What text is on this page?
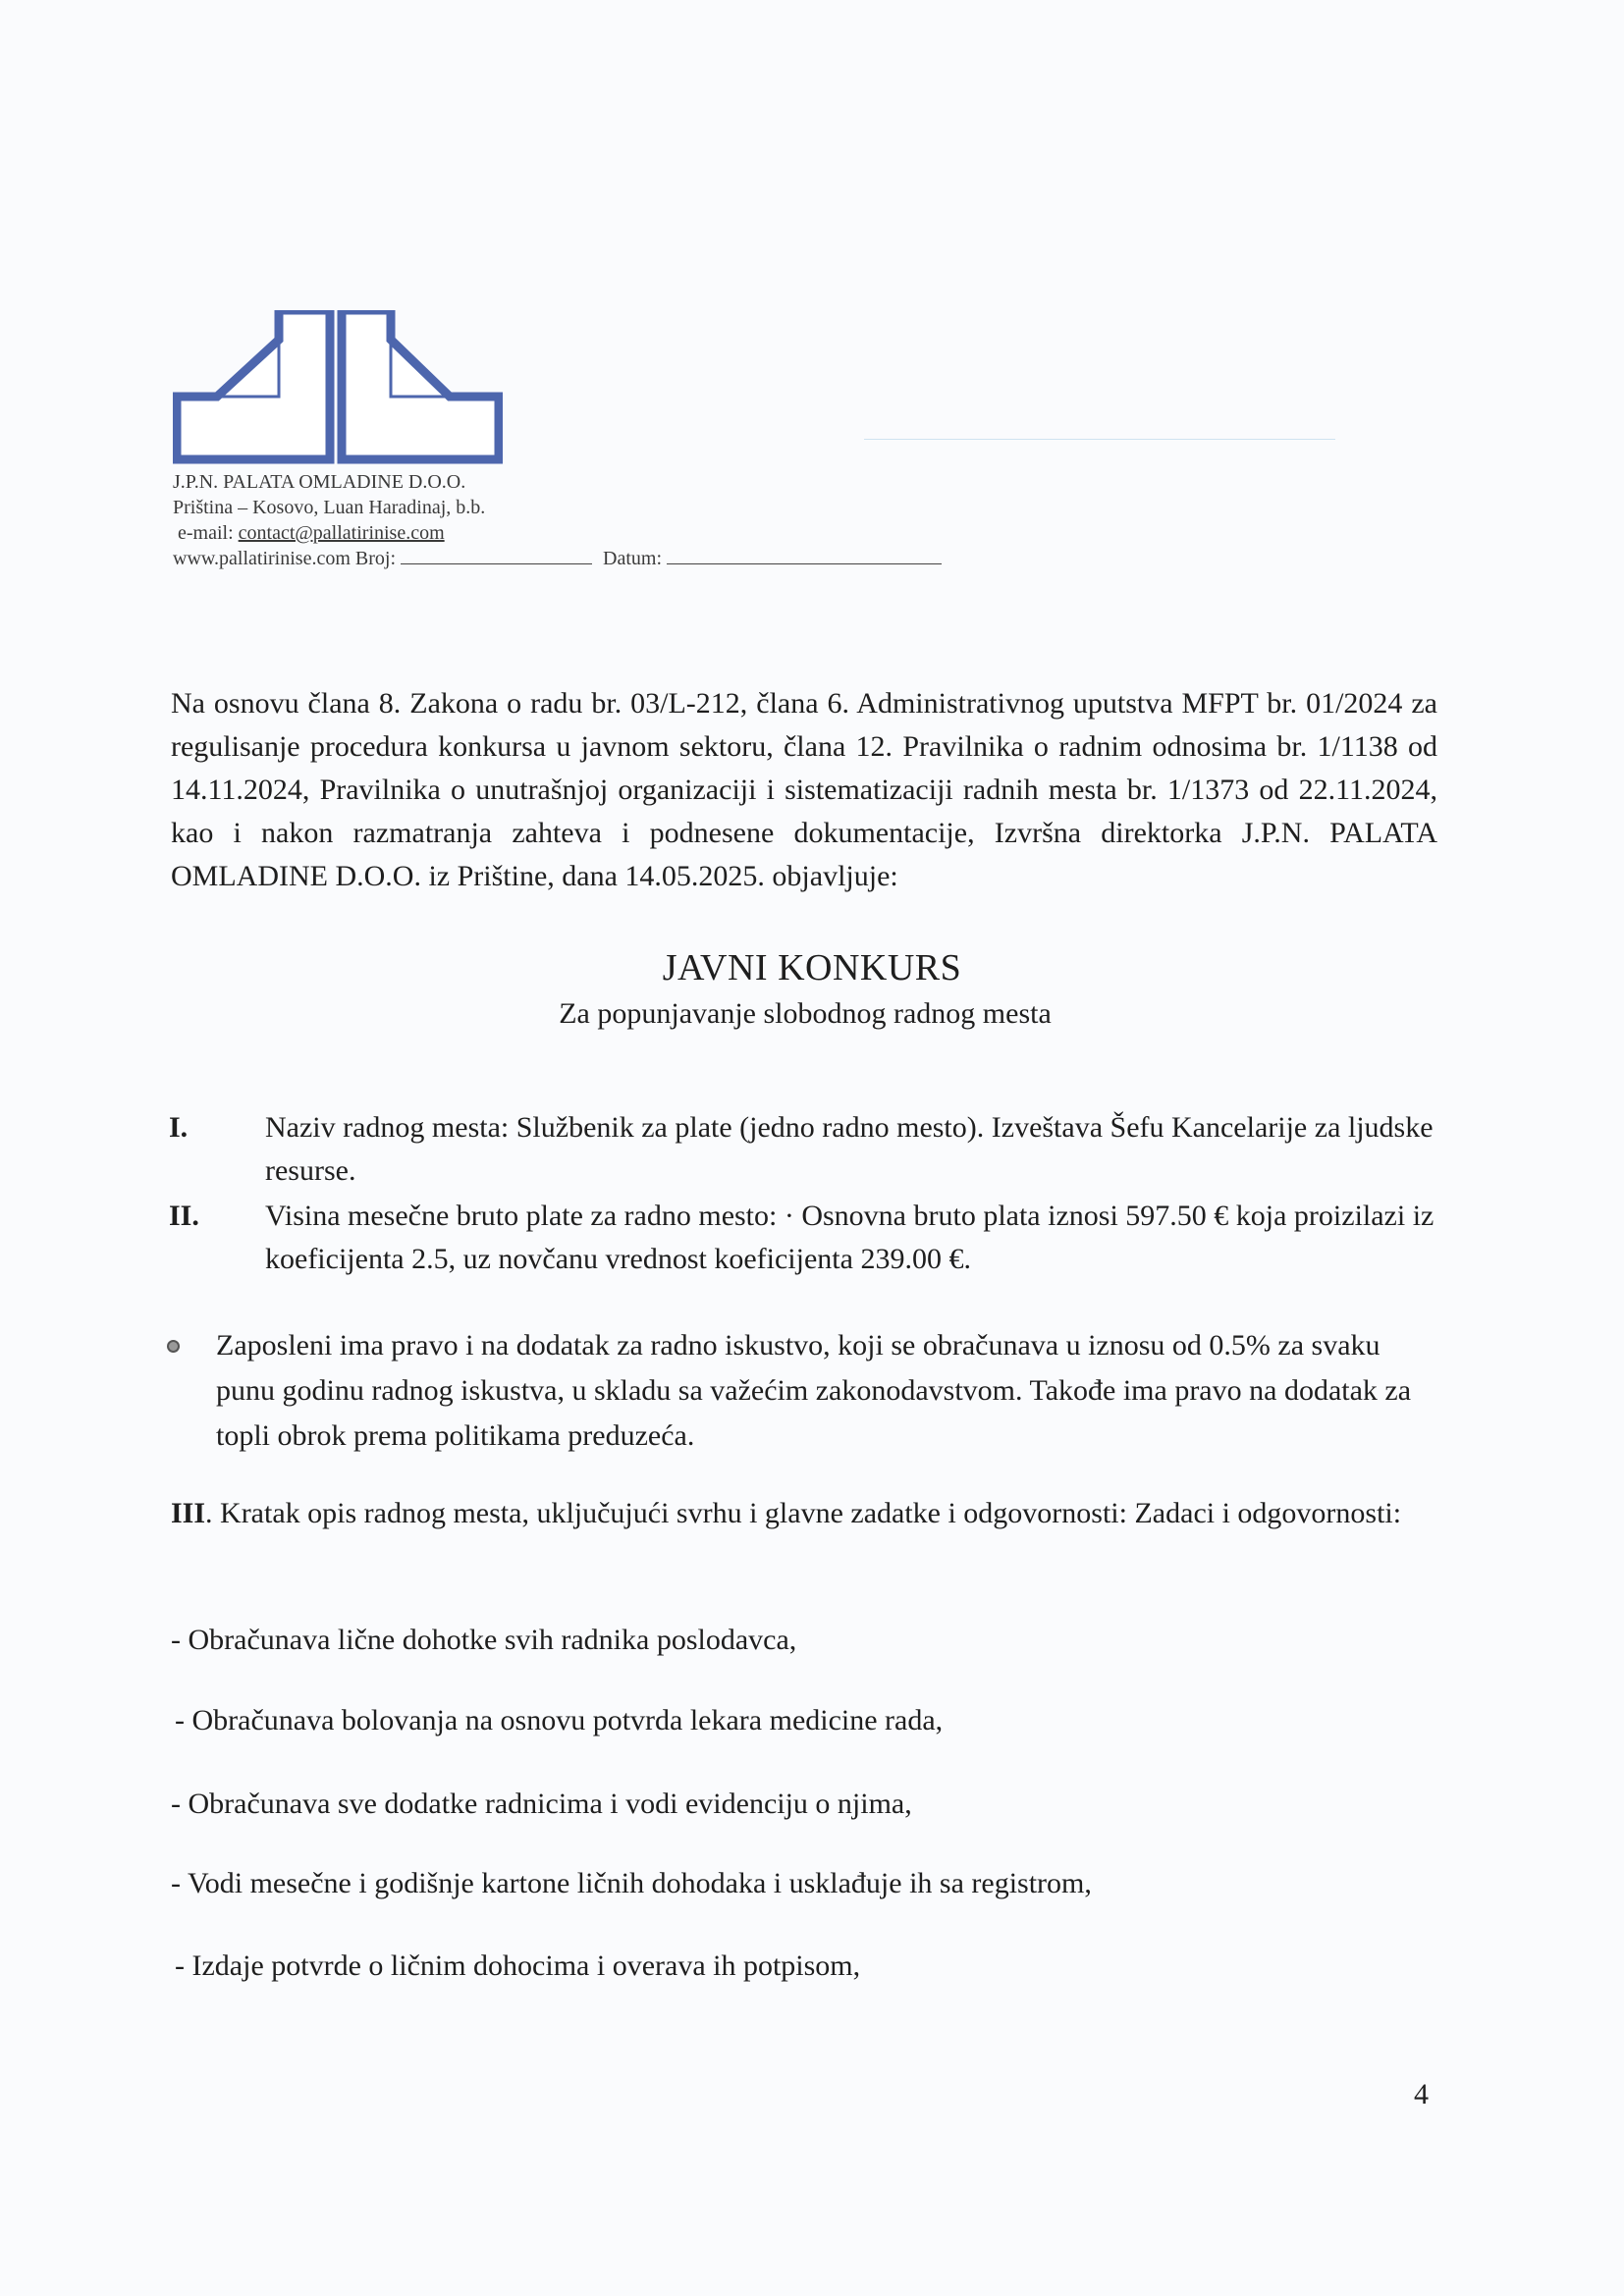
J.P.N. PALATA OMLADINE D.O.O.
Priština – Kosovo, Luan Haradinaj, b.b.
e-mail: contact@pallatirinise.com
www.pallatirinise.com Broj:	Datum:

Na osnovu člana 8. Zakona o radu br. 03/L-212, člana 6. Administrativnog uputstva MFPT br. 01/2024 za regulisanje procedura konkursa u javnom sektoru, člana 12. Pravilnika o radnim odnosima br. 1/1138 od 14.11.2024, Pravilnika o unutrašnjoj organizaciji i sistematizaciji radnih mesta br. 1/1373 od 22.11.2024, kao i nakon razmatranja zahteva i podnesene dokumentacije, Izvršna direktorka J.P.N. PALATA OMLADINE D.O.O. iz Prištine, dana 14.05.2025. objavljuje:

JAVNI KONKURS
Za popunjavanje slobodnog radnog mesta
I.	Naziv radnog mesta: Službenik za plate (jedno radno mesto). Izveštava Šefu Kancelarije za ljudske resurse.
II. Visina mesečne bruto plate za radno mesto: · Osnovna bruto plata iznosi 597.50 € koja proizilazi iz koeficijenta 2.5, uz novčanu vrednost koeficijenta 239.00 €.
Zaposleni ima pravo i na dodatak za radno iskustvo, koji se obračunava u iznosu od 0.5% za svaku punu godinu radnog iskustva, u skladu sa važećim zakonodavstvom. Takođe ima pravo na dodatak za topli obrok prema politikama preduzeća.
III. Kratak opis radnog mesta, uključujući svrhu i glavne zadatke i odgovornosti: Zadaci i odgovornosti:
- Obračunava lične dohotke svih radnika poslodavca,
- Obračunava bolovanja na osnovu potvrda lekara medicine rada,
- Obračunava sve dodatke radnicima i vodi evidenciju o njima,
- Vodi mesečne i godišnje kartone ličnih dohodaka i usklađuje ih sa registrom,
- Izdaje potvrde o ličnim dohocima i overava ih potpisom,
4
